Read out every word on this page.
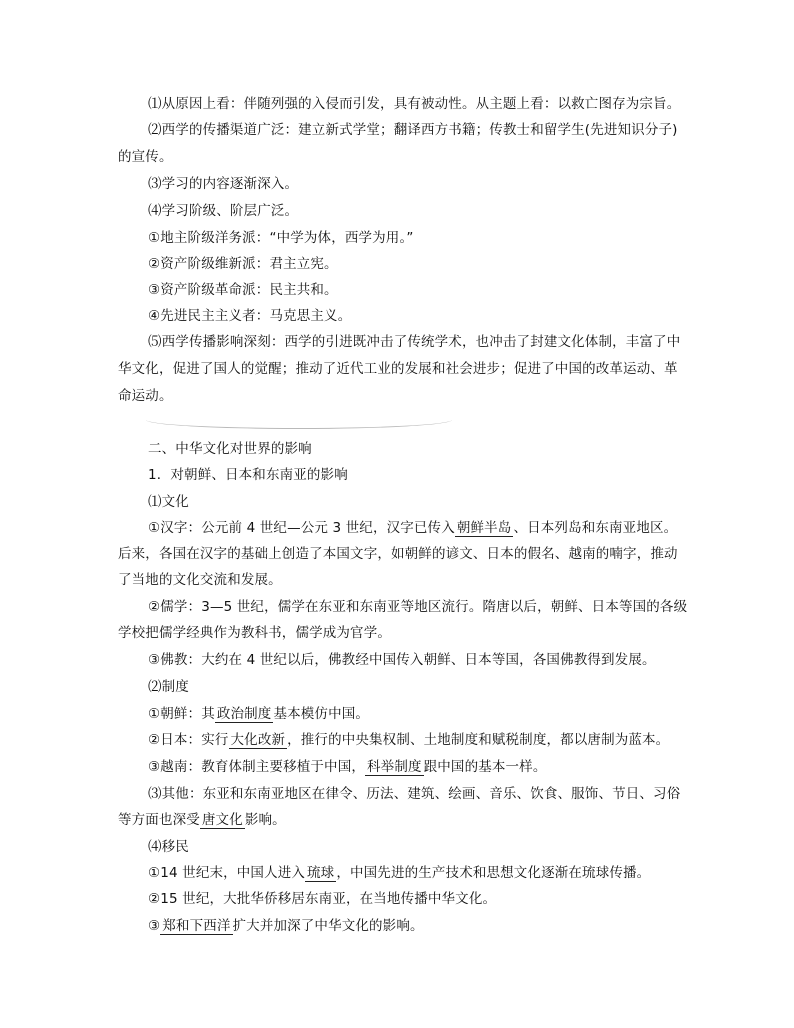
⑴从原因上看：伴随列强的入侵而引发，具有被动性。从主题上看：以救亡图存为宗旨。
⑵西学的传播渠道广泛：建立新式学堂；翻译西方书籍；传教士和留学生(先进知识分子)
的宣传。
⑶学习的内容逐渐深入。
⑷学习阶级、阶层广泛。
①地主阶级洋务派：“中学为体，西学为用。”
②资产阶级维新派：君主立宪。
③资产阶级革命派：民主共和。
④先进民主主义者：马克思主义。
⑸西学传播影响深刻：西学的引进既冲击了传统学术，也冲击了封建文化体制，丰富了中
华文化，促进了国人的觉醒；推动了近代工业的发展和社会进步；促进了中国的改革运动、革
命运动。
二、中华文化对世界的影响
1．对朝鲜、日本和东南亚的影响
⑴文化
①汉字：公元前 4 世纪—公元 3 世纪，汉字已传入 朝鲜半岛 、日本列岛和东南亚地区。
后来，各国在汉字的基础上创造了本国文字，如朝鲜的谚文、日本的假名、越南的喃字，推动
了当地的文化交流和发展。
②儒学：3—5 世纪，儒学在东亚和东南亚等地区流行。隋唐以后，朝鲜、日本等国的各级
学校把儒学经典作为教科书，儒学成为官学。
③佛教：大约在 4 世纪以后，佛教经中国传入朝鲜、日本等国，各国佛教得到发展。
⑵制度
①朝鲜：其 政治制度 基本模仿中国。
②日本：实行 大化改新 ，推行的中央集权制、土地制度和赋税制度，都以唐制为蓝本。
③越南：教育体制主要移植于中国， 科举制度 跟中国的基本一样。
⑶其他：东亚和东南亚地区在律令、历法、建筑、绘画、音乐、饮食、服饰、节日、习俗
等方面也深受 唐文化 影响。
⑷移民
①14 世纪末，中国人进入 琉球 ，中国先进的生产技术和思想文化逐渐在琉球传播。
②15 世纪，大批华侨移居东南亚，在当地传播中华文化。
③ 郑和下西洋 扩大并加深了中华文化的影响。
